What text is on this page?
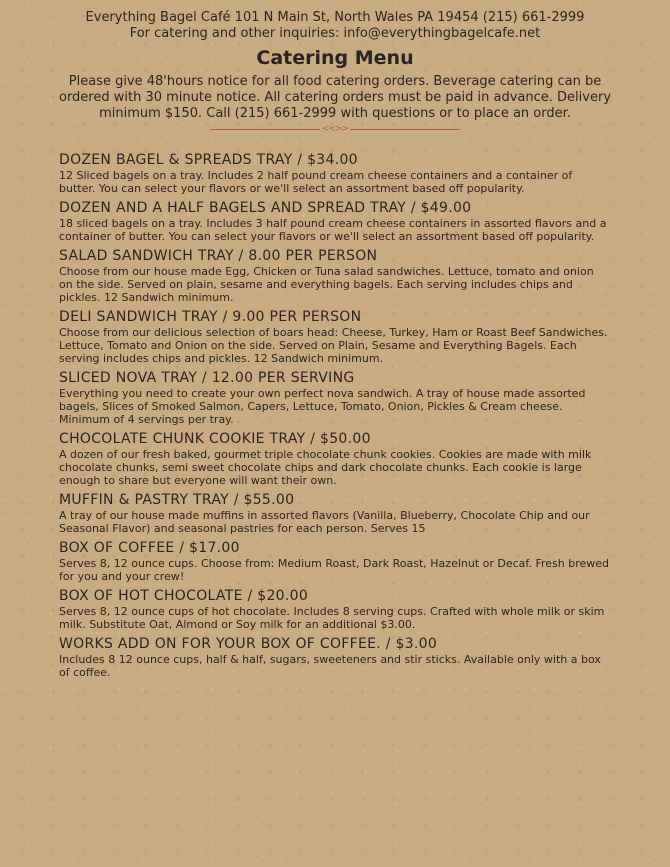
Everything Bagel Café 101 N Main St, North Wales PA 19454 (215) 661-2999

For catering and other inquiries: info@everythingbagelcafe.net

Catering Menu

Please give 48'hours notice for all food catering orders. Beverage catering can be ordered with 30 minute notice. All catering orders must be paid in advance. Delivery minimum $150. Call (215) 661-2999 with questions or to place an order.

<<>>
DOZEN BAGEL & SPREADS TRAY / $34.00

12 Sliced bagels on a tray. Includes 2 half pound cream cheese containers and a container of butter. You can select your flavors or we'll select an assortment based off popularity.

DOZEN AND A HALF BAGELS AND SPREAD TRAY / $49.00

18 sliced bagels on a tray. Includes 3 half pound cream cheese containers in assorted flavors and a container of butter. You can select your flavors or we'll select an assortment based off popularity.

SALAD SANDWICH TRAY / 8.00 PER PERSON

Choose from our house made Egg, Chicken or Tuna salad sandwiches. Lettuce, tomato and onion on the side. Served on plain, sesame and everything bagels. Each serving includes chips and pickles. 12 Sandwich minimum.

DELI SANDWICH TRAY / 9.00 PER PERSON

Choose from our delicious selection of boars head: Cheese, Turkey, Ham or Roast Beef Sandwiches. Lettuce, Tomato and Onion on the side. Served on Plain, Sesame and Everything Bagels. Each serving includes chips and pickles. 12 Sandwich minimum.

SLICED NOVA TRAY / 12.00 PER SERVING

Everything you need to create your own perfect nova sandwich. A tray of house made assorted bagels, Slices of Smoked Salmon, Capers, Lettuce, Tomato, Onion, Pickles & Cream cheese. Minimum of 4 servings per tray.

CHOCOLATE CHUNK COOKIE TRAY / $50.00

A dozen of our fresh baked, gourmet triple chocolate chunk cookies. Cookies are made with milk chocolate chunks, semi sweet chocolate chips and dark chocolate chunks. Each cookie is large enough to share but everyone will want their own.

MUFFIN & PASTRY TRAY / $55.00

A tray of our house made muffins in assorted flavors (Vanilla, Blueberry, Chocolate Chip and our Seasonal Flavor) and seasonal pastries for each person. Serves 15

BOX OF COFFEE / $17.00

Serves 8, 12 ounce cups. Choose from: Medium Roast, Dark Roast, Hazelnut or Decaf. Fresh brewed for you and your crew!

BOX OF HOT CHOCOLATE / $20.00

Serves 8, 12 ounce cups of hot chocolate. Includes 8 serving cups. Crafted with whole milk or skim milk. Substitute Oat, Almond or Soy milk for an additional $3.00.

WORKS ADD ON FOR YOUR BOX OF COFFEE. / $3.00

Includes 8 12 ounce cups, half & half, sugars, sweeteners and stir sticks. Available only with a box of coffee.
